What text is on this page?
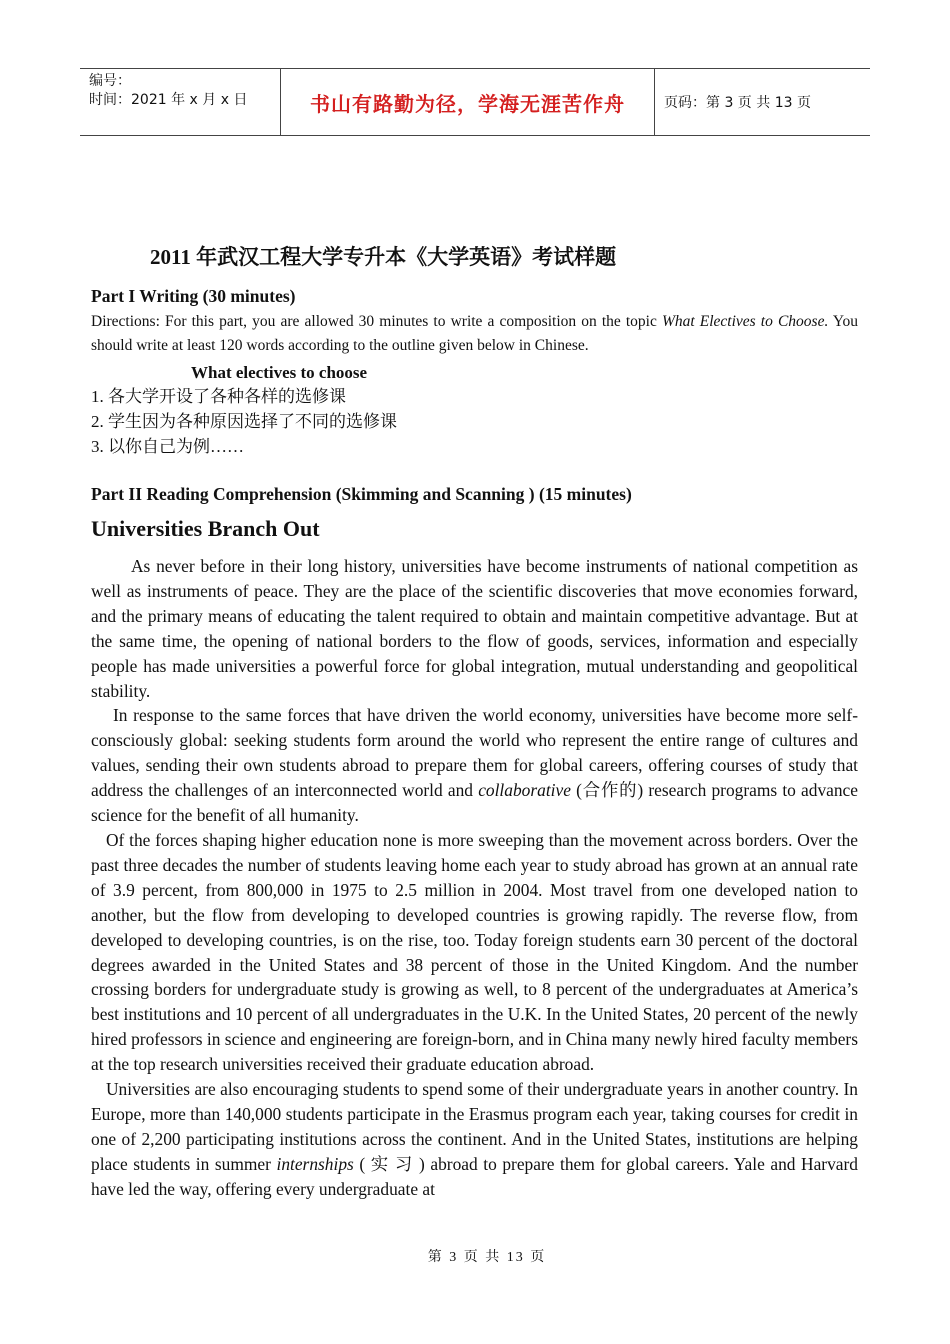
编号：
时间：2021 年 x 月 x 日	书山有路勤为径，学海无涯苦作舟	页码：第 3 页 共 13 页
2011 年武汉工程大学专升本《大学英语》考试样题
Part I Writing (30 minutes)

Directions: For this part, you are allowed 30 minutes to write a composition on the topic What Electives to Choose. You should write at least 120 words according to the outline given below in Chinese.

What electives to choose
1. 各大学开设了各种各样的选修课
2. 学生因为各种原因选择了不同的选修课
3. 以你自己为例……
Part II Reading Comprehension (Skimming and Scanning ) (15 minutes)
Universities Branch Out

As never before in their long history, universities have become instruments of national competition as well as instruments of peace. They are the place of the scientific discoveries that move economies forward, and the primary means of educating the talent required to obtain and maintain competitive advantage. But at the same time, the opening of national borders to the flow of goods, services, information and especially people has made universities a powerful force for global integration, mutual understanding and geopolitical stability.

In response to the same forces that have driven the world economy, universities have become more self-consciously global: seeking students form around the world who represent the entire range of cultures and values, sending their own students abroad to prepare them for global careers, offering courses of study that address the challenges of an interconnected world and collaborative (合作的) research programs to advance science for the benefit of all humanity.

Of the forces shaping higher education none is more sweeping than the movement across borders. Over the past three decades the number of students leaving home each year to study abroad has grown at an annual rate of 3.9 percent, from 800,000 in 1975 to 2.5 million in 2004. Most travel from one developed nation to another, but the flow from developing to developed countries is growing rapidly. The reverse flow, from developed to developing countries, is on the rise, too. Today foreign students earn 30 percent of the doctoral degrees awarded in the United States and 38 percent of those in the United Kingdom. And the number crossing borders for undergraduate study is growing as well, to 8 percent of the undergraduates at America’s best institutions and 10 percent of all undergraduates in the U.K. In the United States, 20 percent of the newly hired professors in science and engineering are foreign-born, and in China many newly hired faculty members at the top research universities received their graduate education abroad.

Universities are also encouraging students to spend some of their undergraduate years in another country. In Europe, more than 140,000 students participate in the Erasmus program each year, taking courses for credit in one of 2,200 participating institutions across the continent. And in the United States, institutions are helping place students in summer internships ( 实 习 ) abroad to prepare them for global careers. Yale and Harvard have led the way, offering every undergraduate at

第 3 页 共 13 页
